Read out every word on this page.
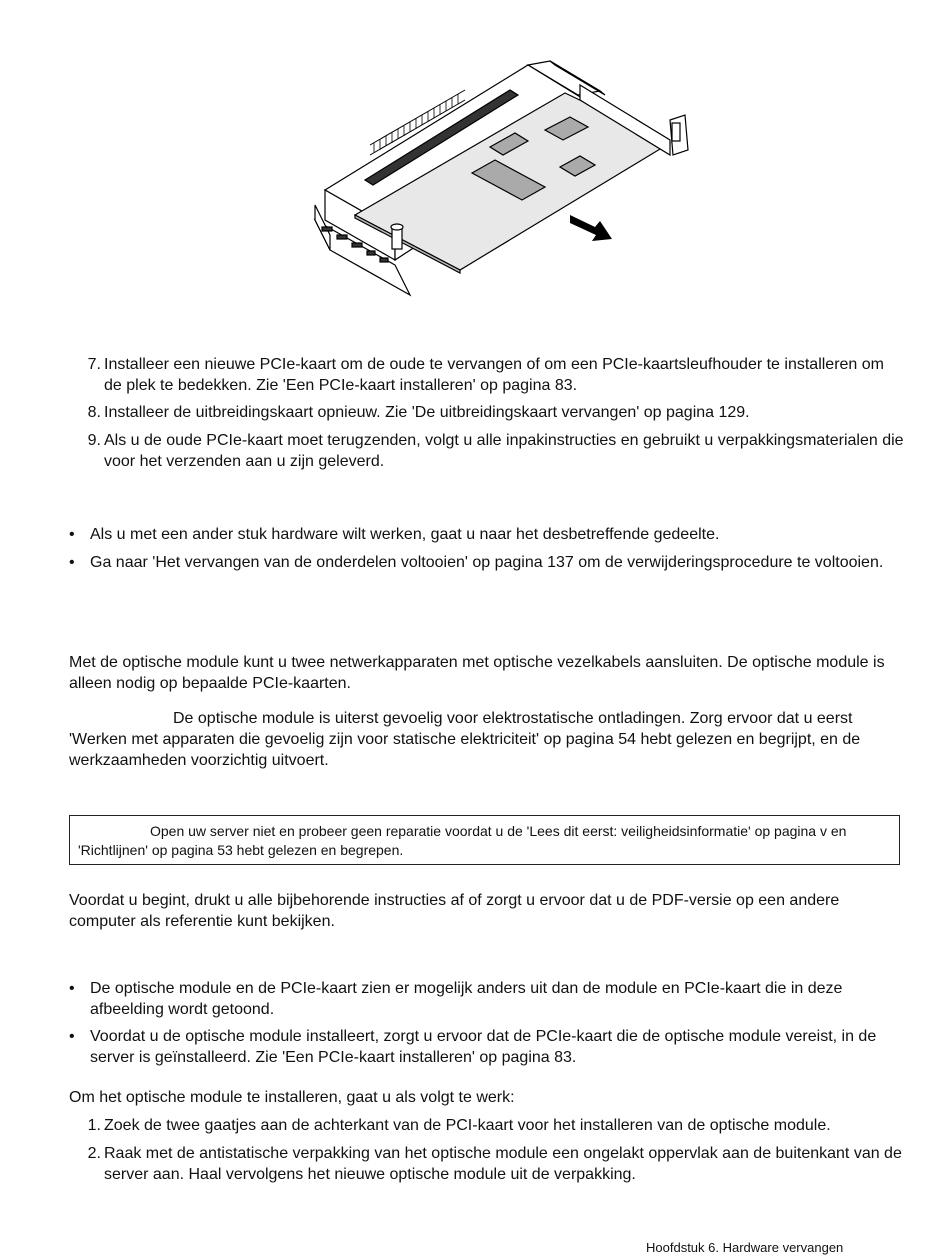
7. Installeer een nieuwe PCIe-kaart om de oude te vervangen of om een PCIe-kaartsleufhouder te installeren om de plek te bedekken. Zie 'Een PCIe-kaart installeren' op pagina 83.
8. Installeer de uitbreidingskaart opnieuw. Zie 'De uitbreidingskaart vervangen' op pagina 129.
9. Als u de oude PCIe-kaart moet terugzenden, volgt u alle inpakinstructies en gebruikt u verpakkingsmaterialen die voor het verzenden aan u zijn geleverd.
• Als u met een ander stuk hardware wilt werken, gaat u naar het desbetreffende gedeelte.
• Ga naar 'Het vervangen van de onderdelen voltooien' op pagina 137 om de verwijderingsprocedure te voltooien.
Met de optische module kunt u twee netwerkapparaten met optische vezelkabels aansluiten. De optische module is alleen nodig op bepaalde PCIe-kaarten.
De optische module is uiterst gevoelig voor elektrostatische ontladingen. Zorg ervoor dat u eerst 'Werken met apparaten die gevoelig zijn voor statische elektriciteit' op pagina 54 hebt gelezen en begrijpt, en de werkzaamheden voorzichtig uitvoert.
Open uw server niet en probeer geen reparatie voordat u de 'Lees dit eerst: veiligheidsinformatie' op pagina v en 'Richtlijnen' op pagina 53 hebt gelezen en begrepen.
Voordat u begint, drukt u alle bijbehorende instructies af of zorgt u ervoor dat u de PDF-versie op een andere computer als referentie kunt bekijken.
• De optische module en de PCIe-kaart zien er mogelijk anders uit dan de module en PCIe-kaart die in deze afbeelding wordt getoond.
• Voordat u de optische module installeert, zorgt u ervoor dat de PCIe-kaart die de optische module vereist, in de server is geïnstalleerd. Zie 'Een PCIe-kaart installeren' op pagina 83.
Om het optische module te installeren, gaat u als volgt te werk:
1. Zoek de twee gaatjes aan de achterkant van de PCI-kaart voor het installeren van de optische module.
2. Raak met de antistatische verpakking van het optische module een ongelakt oppervlak aan de buitenkant van de server aan. Haal vervolgens het nieuwe optische module uit de verpakking.
Hoofdstuk 6. Hardware vervangen
